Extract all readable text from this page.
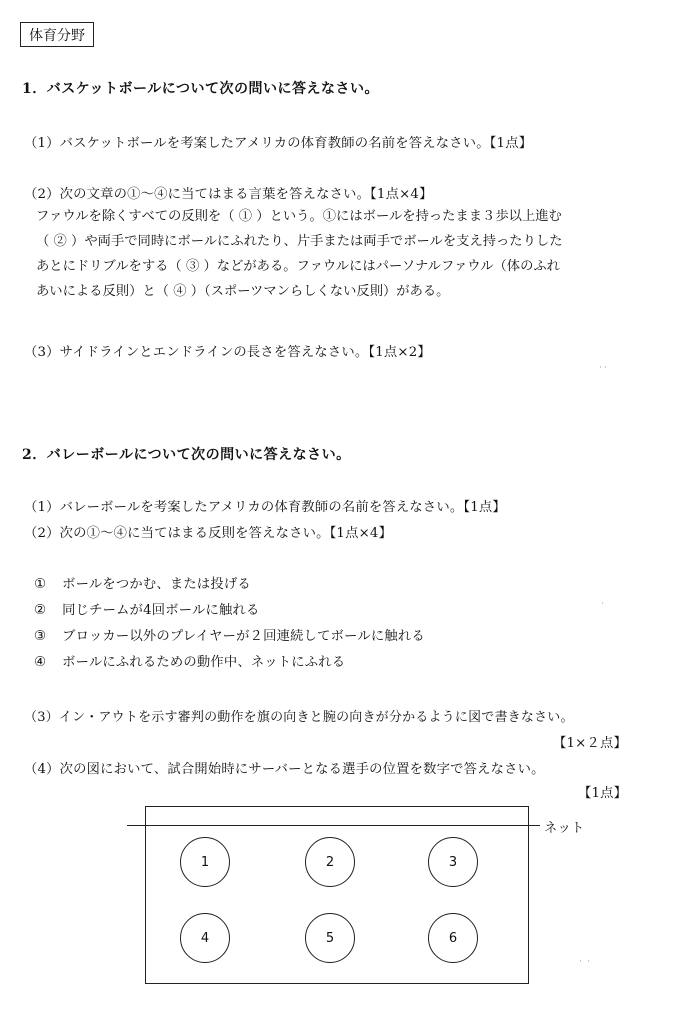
体育分野
1．バスケットボールについて次の問いに答えなさい。
（1）バスケットボールを考案したアメリカの体育教師の名前を答えなさい。【1点】
（2）次の文章の①～④に当てはまる言葉を答えなさい。【1点×4】
ファウルを除くすべての反則を（ ① ）という。①にはボールを持ったまま３歩以上進む
（ ② ）や両手で同時にボールにふれたり、片手または両手でボールを支え持ったりした
あとにドリブルをする（ ③ ）などがある。ファウルにはパーソナルファウル（体のふれ
あいによる反則）と（ ④ ）（スポーツマンらしくない反則）がある。
（3）サイドラインとエンドラインの長さを答えなさい。【1点×2】
2．バレーボールについて次の問いに答えなさい。
（1）バレーボールを考案したアメリカの体育教師の名前を答えなさい。【1点】
（2）次の①～④に当てはまる反則を答えなさい。【1点×4】
① ボールをつかむ、または投げる
② 同じチームが4回ボールに触れる
③ ブロッカー以外のプレイヤーが２回連続してボールに触れる
④ ボールにふれるための動作中、ネットにふれる
（3）イン・アウトを示す審判の動作を旗の向きと腕の向きが分かるように図で書きなさい。
【1×２点】
（4）次の図において、試合開始時にサーバーとなる選手の位置を数字で答えなさい。
【1点】
ネット
1	2	3
4	5	6
˙˙
˙
˙ ˙
